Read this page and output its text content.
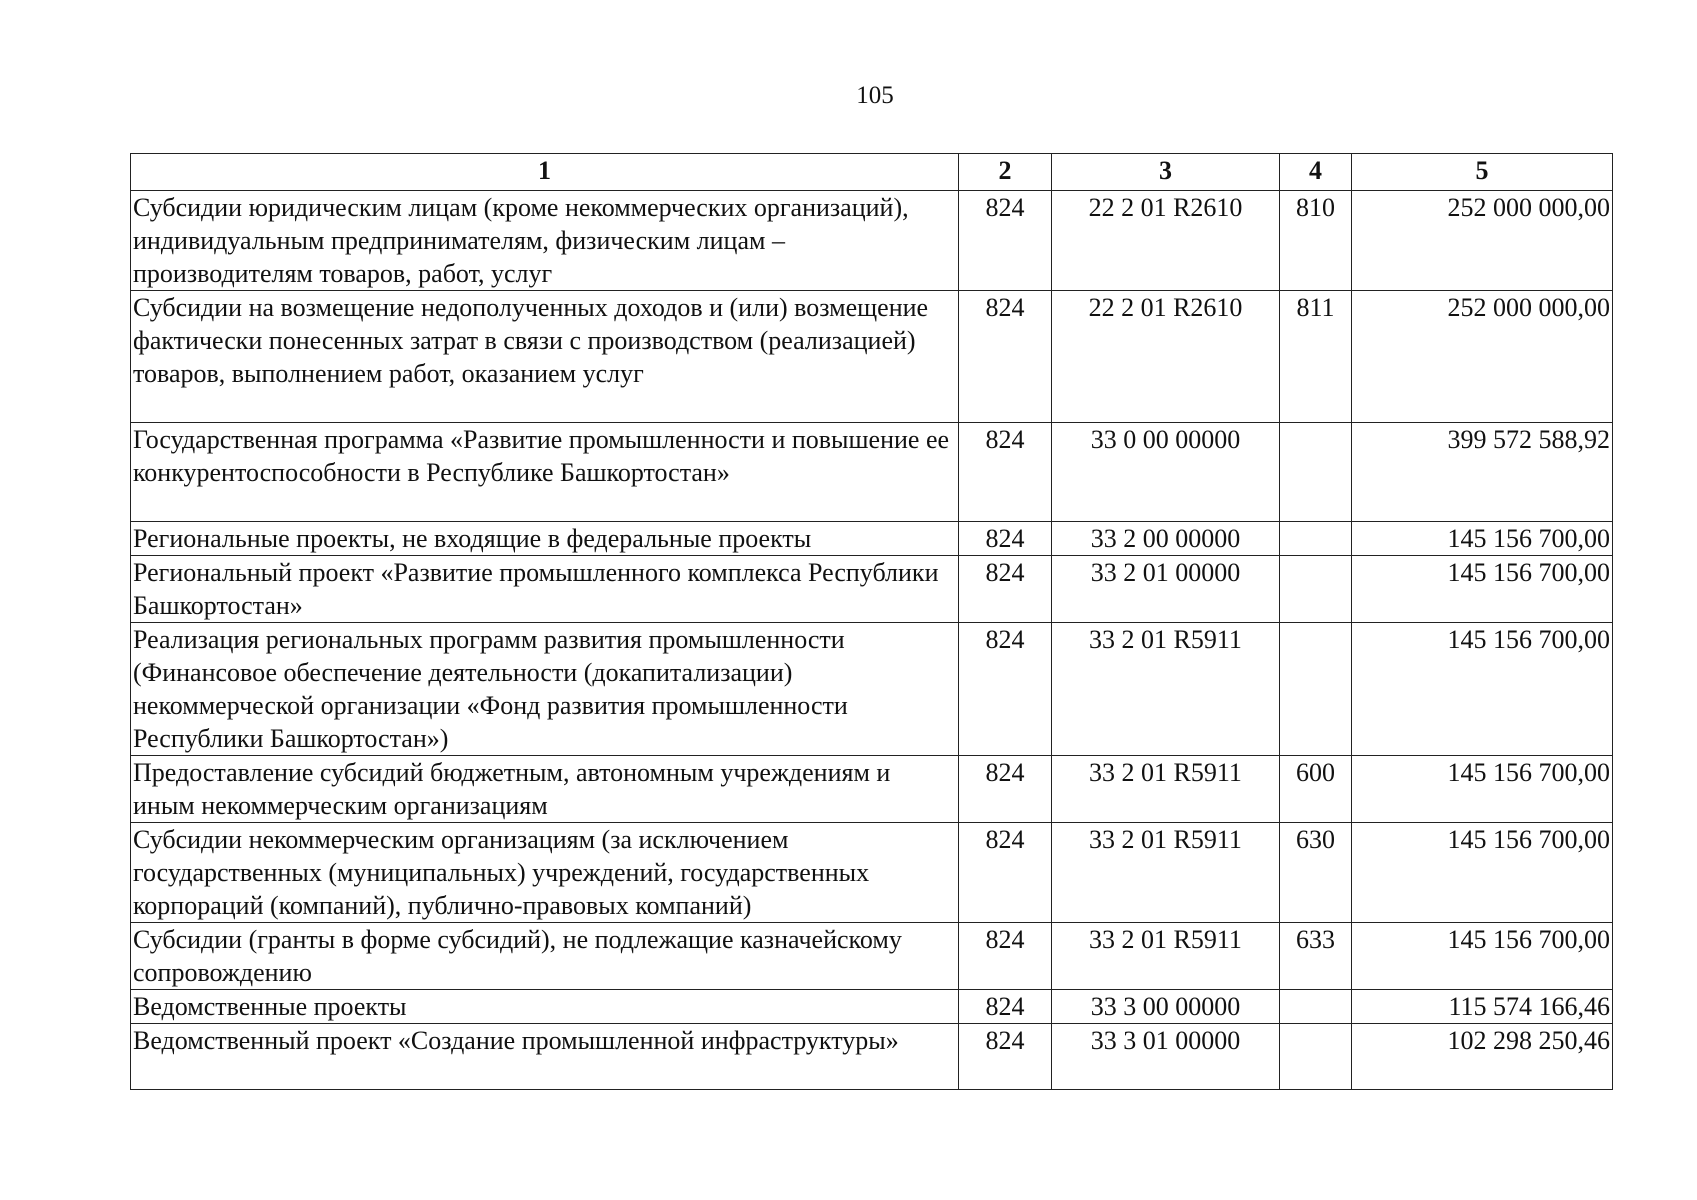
105
1	2	3	4	5
Субсидии юридическим лицам (кроме некоммерческих организаций), индивидуальным предпринимателям, физическим лицам – производителям товаров, работ, услуг	824	22 2 01 R2610	810	252 000 000,00
Субсидии на возмещение недополученных доходов и (или) возмещение фактически понесенных затрат в связи с производством (реализацией) товаров, выполнением работ, оказанием услуг	824	22 2 01 R2610	811	252 000 000,00
Государственная программа «Развитие промышленности и повышение ее конкурентоспособности в Республике Башкортостан»	824	33 0 00 00000		399 572 588,92
Региональные проекты, не входящие в федеральные проекты	824	33 2 00 00000		145 156 700,00
Региональный проект «Развитие промышленного комплекса Республики Башкортостан»	824	33 2 01 00000		145 156 700,00
Реализация региональных программ развития промышленности (Финансовое обеспечение деятельности (докапитализации) некоммерческой организации «Фонд развития промышленности Республики Башкортостан»)	824	33 2 01 R5911		145 156 700,00
Предоставление субсидий бюджетным, автономным учреждениям и иным некоммерческим организациям	824	33 2 01 R5911	600	145 156 700,00
Субсидии некоммерческим организациям (за исключением государственных (муниципальных) учреждений, государственных корпораций (компаний), публично-правовых компаний)	824	33 2 01 R5911	630	145 156 700,00
Субсидии (гранты в форме субсидий), не подлежащие казначейскому сопровождению	824	33 2 01 R5911	633	145 156 700,00
Ведомственные проекты	824	33 3 00 00000		115 574 166,46
Ведомственный проект «Создание промышленной инфраструктуры»	824	33 3 01 00000		102 298 250,46
